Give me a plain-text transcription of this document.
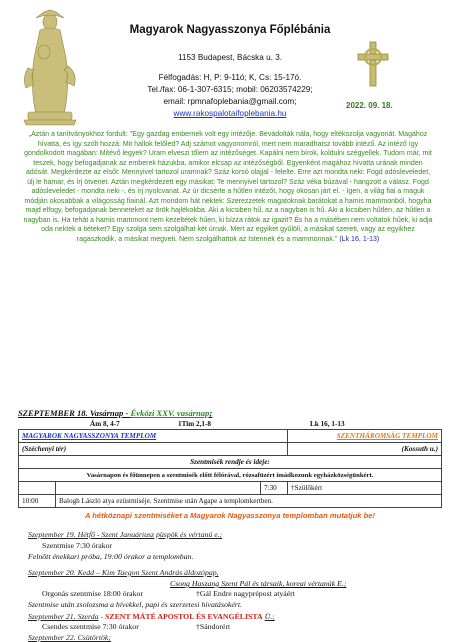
Magyarok Nagyasszonya Főplébánia
1153 Budapest, Bácska u. 3.
Félfogadás: H, P: 9-11ó; K, Cs: 15-17ó.
Tel./fax: 06-1-307-6315; mobil: 06203574229;
email: rpmnafoplebania@gmail.com;
www.rakospalotaifoplebania.hu
2022. 09. 18.
„Aztán a tanítványokhoz fordult: "Egy gazdag embernek volt egy intézője. Bevádolták nála, hogy eltékozolja vagyonát. Magához hívatta, és így szólt hozzá: Mit hallok felőled? Adj számot vagyonomról, mert nem maradhatsz tovább intéző. Az intéző így gondolkodott magában: Mitévő legyek? Uram elveszi tőlem az intézőséget. Kapálni nem bírok, koldulni szégyellek. Tudom már, mit teszek, hogy befogadjanak az emberek házukba, amikor elcsap az intézőségből. Egyenként magához hívatta urának minden adósát. Megkérdezte az elsőt: Mennyivel tartozol uramnak? Száz korsó olajjal - felelte. Erre azt mondta neki: Fogd adósleveledet, ülj le hamar, és írj ötvenet. Aztán megkérdezett egy másikat: Te mennyivel tartozol? Száz véka búzával - hangzott a válasz. Fogd adósleveledet - mondta neki -, és írj nyolcvanat. Az úr dicsérte a hűtlen intézőt, hogy okosan járt el. - Igen, a világ fiai a maguk módján okosabbak a világosság fiainál. Azt mondom hát nektek: Szerezzetek magatoknak barátokat a hamis mammonból, hogyha majd elfogy, befogadjanak benneteket az örök hajlékokba. Aki a kicsiben hű, az a nagyban is hű. Aki a kicsiben hűtlen, az hűtlen a nagyban is. Ha tehát a hamis mammont nem kezeltétek hűen, ki bízza rátok az igazit? És ha a másében nem voltatok hűek, ki adja oda nektek a tiéteket? Egy szolga sem szolgálhat két úrnak. Mert az egyiket gyűlöli, a másikat szereti, vagy az egyikhez ragaszkodik, a másikat megveti. Nem szolgálhattok az Istennek és a mammonnak." (Lk 16, 1-13)
SZEPTEMBER 18. Vasárnap - Évközi XXV. vasárnap;
Ám 8, 4-7	1Tim 2,1-8	Lk 16, 1-13
MAGYAROK NAGYASSZONYA TEMPLOM			SZENTHÁROMSÁG TEMPLOM
(Széchenyi tér)			(Kossuth u.)
Szentmisék rendje és ideje:			
Vasárnapon és főünnepen a szentmisék előtt félórával, rózsafüzért imádkozunk egyházközségünkért.			
		7:30	†Szülőkért
10:00	Balogh László atya ezüstmiséje. Szentmise után Agape a templomkertben.		
A hétköznapi szentmiséket a Magyarok Nagyasszonya templomban mutatjuk be!
Szeptember 19. Hétfő - Szent Januáriusz püspök és vértanú e.;
Szentmise 7:30 órakor
Felnőtt énekkari próba, 19:00 órakor a templomban.
Szeptember 20. Kedd – Kim Taegon Szent András áldozópap,
Csong Haszang Szent Pál és társaik, koreai vértanúk E.;
Orgonás szentmise 18:00 órakor	†Gál Endre nagyprépost atyáért
Szentmise után zsolozsma a hívekkel, papi és szerzetesi hivatásokért.
Szeptember 21. Szerda - SZENT MÁTÉ APOSTOL ÉS EVANGÉLISTA Ü.;
Csendes szentmise 7:30 órakor	†Sándorért
Szeptember 22. Csütörtök;
